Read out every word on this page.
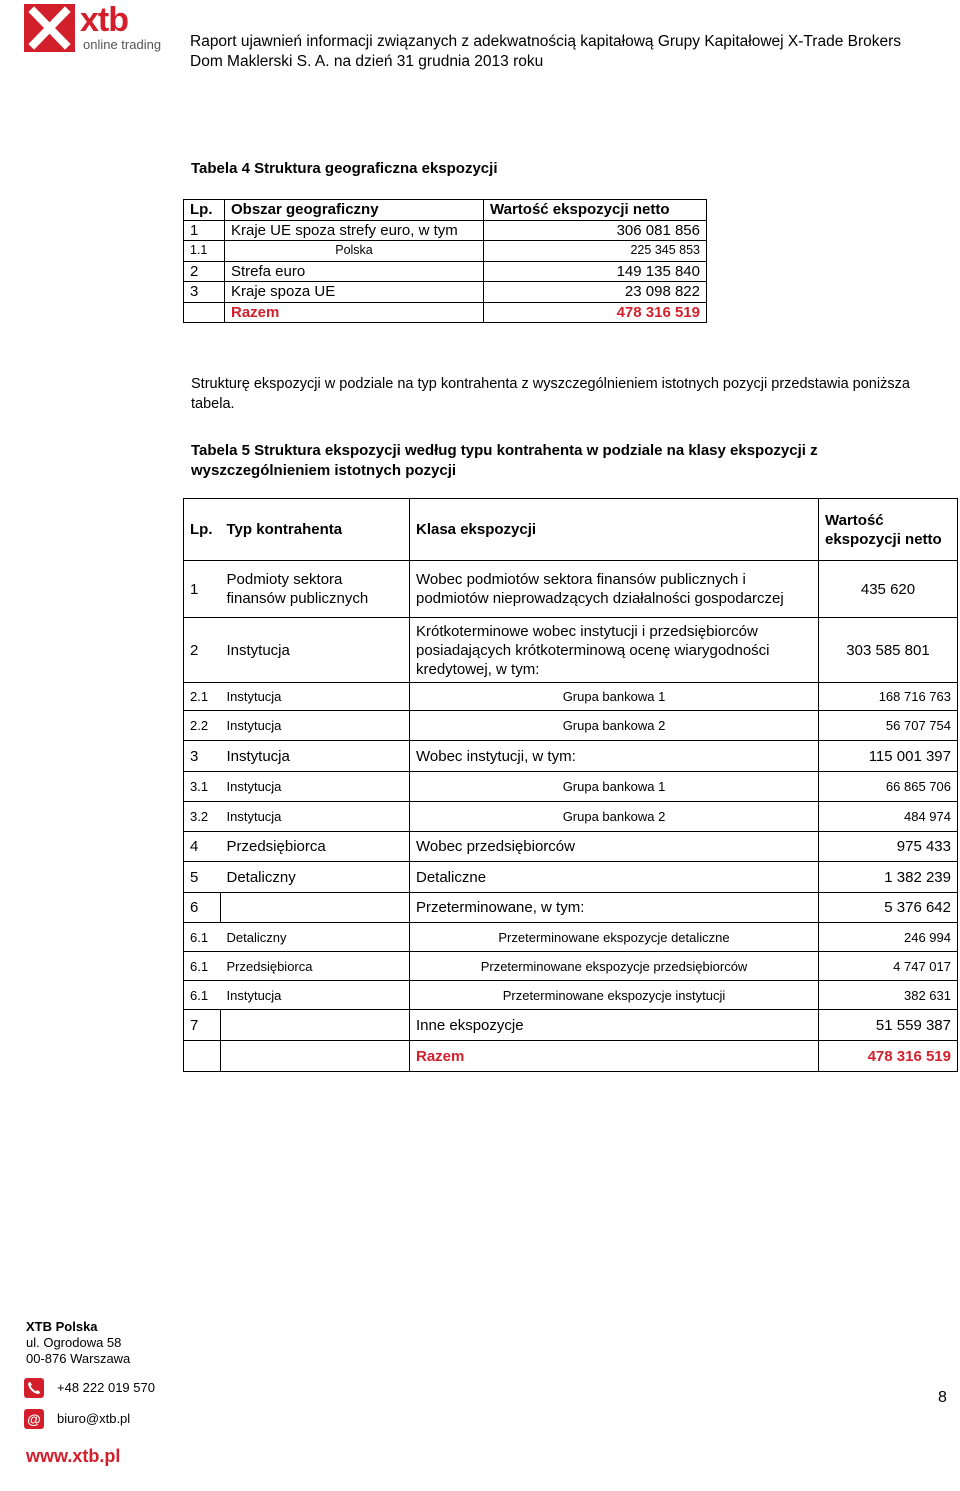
xtb
online trading Raport ujawnień informacji związanych z adekwatnością kapitałową Grupy Kapitałowej X-Trade Brokers
Dom Maklerski S. A. na dzień 31 grudnia 2013 roku
Tabela 4 Struktura geograficzna ekspozycji
Lp.	Obszar geograficzny	Wartość ekspozycji netto
1	Kraje UE spoza strefy euro, w tym	306 081 856
1.1	Polska	225 345 853
2	Strefa euro	149 135 840
3	Kraje spoza UE	23 098 822
	Razem	478 316 519
Strukturę ekspozycji w podziale na typ kontrahenta z wyszczególnieniem istotnych pozycji przedstawia poniższa tabela.
Tabela 5 Struktura ekspozycji według typu kontrahenta w podziale na klasy ekspozycji z wyszczególnieniem istotnych pozycji
Lp.	Typ kontrahenta	Klasa ekspozycji	Wartość ekspozycji netto
1	Podmioty sektora finansów publicznych	Wobec podmiotów sektora finansów publicznych i podmiotów nieprowadzących działalności gospodarczej	435 620
2	Instytucja	Krótkoterminowe wobec instytucji i przedsiębiorców posiadających krótkoterminową ocenę wiarygodności kredytowej, w tym:	303 585 801
2.1	Instytucja	Grupa bankowa 1	168 716 763
2.2	Instytucja	Grupa bankowa 2	56 707 754
3	Instytucja	Wobec instytucji, w tym:	115 001 397
3.1	Instytucja	Grupa bankowa 1	66 865 706
3.2	Instytucja	Grupa bankowa 2	484 974
4	Przedsiębiorca	Wobec przedsiębiorców	975 433
5	Detaliczny	Detaliczne	1 382 239
6		Przeterminowane, w tym:	5 376 642
6.1	Detaliczny	Przeterminowane ekspozycje detaliczne	246 994
6.1	Przedsiębiorca	Przeterminowane ekspozycje przedsiębiorców	4 747 017
6.1	Instytucja	Przeterminowane ekspozycje instytucji	382 631
7		Inne ekspozycje	51 559 387
		Razem	478 316 519
XTB Polska
ul. Ogrodowa 58
00-876 Warszawa
@
+48 222 019 570
biuro@xtb.pl
www.xtb.pl
8
